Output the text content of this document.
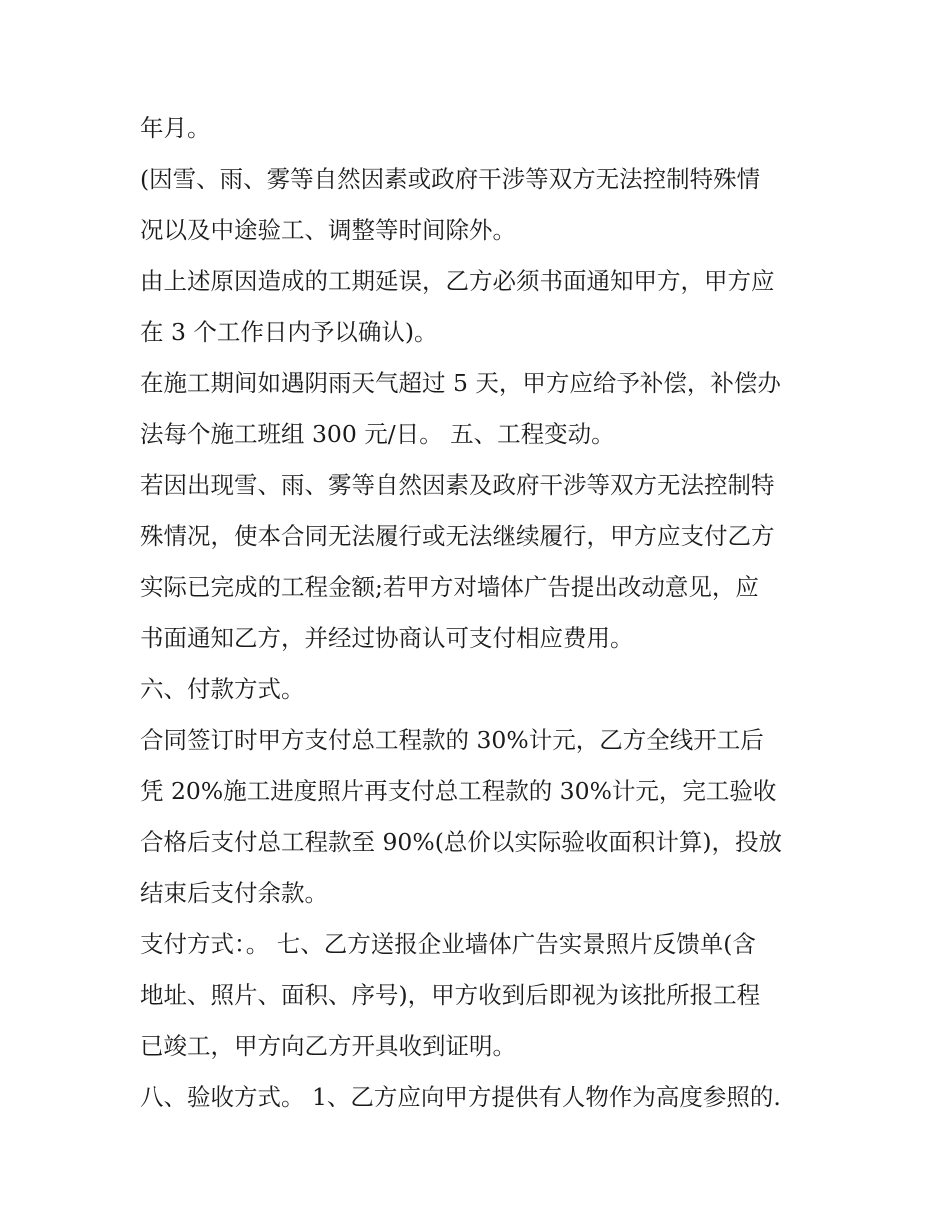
年月。

(因雪、雨、雾等自然因素或政府干涉等双方无法控制特殊情

况以及中途验工、调整等时间除外。

由上述原因造成的工期延误，乙方必须书面通知甲方，甲方应

在 3 个工作日内予以确认)。

在施工期间如遇阴雨天气超过 5 天，甲方应给予补偿，补偿办

法每个施工班组 300 元/日。 五、工程变动。

若因出现雪、雨、雾等自然因素及政府干涉等双方无法控制特

殊情况，使本合同无法履行或无法继续履行，甲方应支付乙方

实际已完成的工程金额;若甲方对墙体广告提出改动意见，应

书面通知乙方，并经过协商认可支付相应费用。

六、付款方式。

合同签订时甲方支付总工程款的 30%计元，乙方全线开工后

凭 20%施工进度照片再支付总工程款的 30%计元，完工验收

合格后支付总工程款至 90%(总价以实际验收面积计算)，投放

结束后支付余款。

支付方式：。 七、乙方送报企业墙体广告实景照片反馈单(含

地址、照片、面积、序号)，甲方收到后即视为该批所报工程

已竣工，甲方向乙方开具收到证明。

八、验收方式。 1、乙方应向甲方提供有人物作为高度参照的.
